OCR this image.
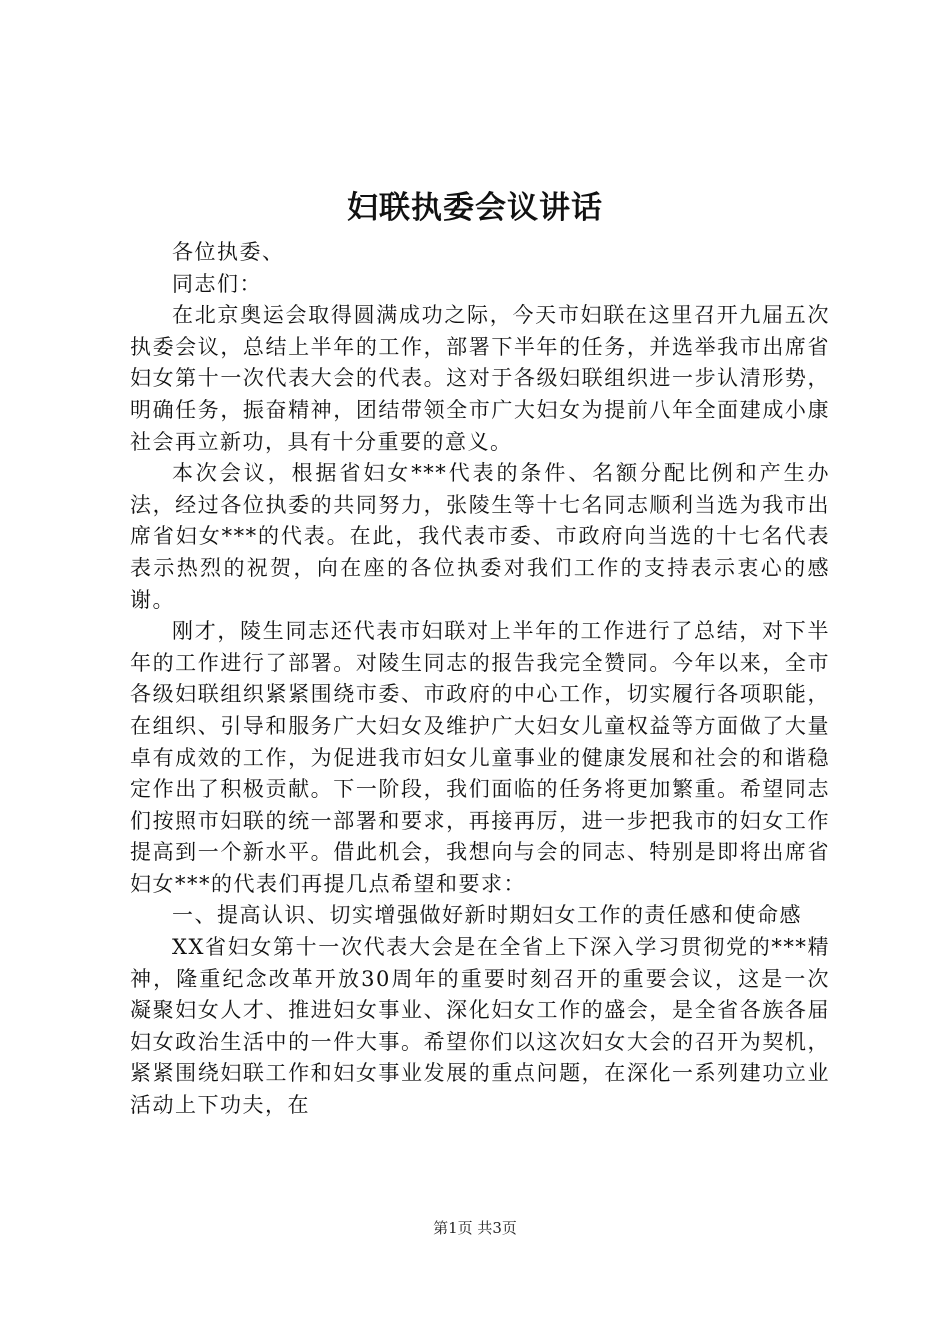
妇联执委会议讲话

各位执委、

同志们：

在北京奥运会取得圆满成功之际，今天市妇联在这里召开九届五次执委会议，总结上半年的工作，部署下半年的任务，并选举我市出席省妇女第十一次代表大会的代表。这对于各级妇联组织进一步认清形势，明确任务，振奋精神，团结带领全市广大妇女为提前八年全面建成小康社会再立新功，具有十分重要的意义。

本次会议，根据省妇女***代表的条件、名额分配比例和产生办法，经过各位执委的共同努力，张陵生等十七名同志顺利当选为我市出席省妇女***的代表。在此，我代表市委、市政府向当选的十七名代表表示热烈的祝贺，向在座的各位执委对我们工作的支持表示衷心的感谢。

刚才，陵生同志还代表市妇联对上半年的工作进行了总结，对下半年的工作进行了部署。对陵生同志的报告我完全赞同。今年以来，全市各级妇联组织紧紧围绕市委、市政府的中心工作，切实履行各项职能，在组织、引导和服务广大妇女及维护广大妇女儿童权益等方面做了大量卓有成效的工作，为促进我市妇女儿童事业的健康发展和社会的和谐稳定作出了积极贡献。下一阶段，我们面临的任务将更加繁重。希望同志们按照市妇联的统一部署和要求，再接再厉，进一步把我市的妇女工作提高到一个新水平。借此机会，我想向与会的同志、特别是即将出席省妇女***的代表们再提几点希望和要求：

一、提高认识、切实增强做好新时期妇女工作的责任感和使命感

XX省妇女第十一次代表大会是在全省上下深入学习贯彻党的***精神，隆重纪念改革开放30周年的重要时刻召开的重要会议，这是一次凝聚妇女人才、推进妇女事业、深化妇女工作的盛会，是全省各族各届妇女政治生活中的一件大事。希望你们以这次妇女大会的召开为契机，紧紧围绕妇联工作和妇女事业发展的重点问题，在深化一系列建功立业活动上下功夫，在

第1页 共3页
